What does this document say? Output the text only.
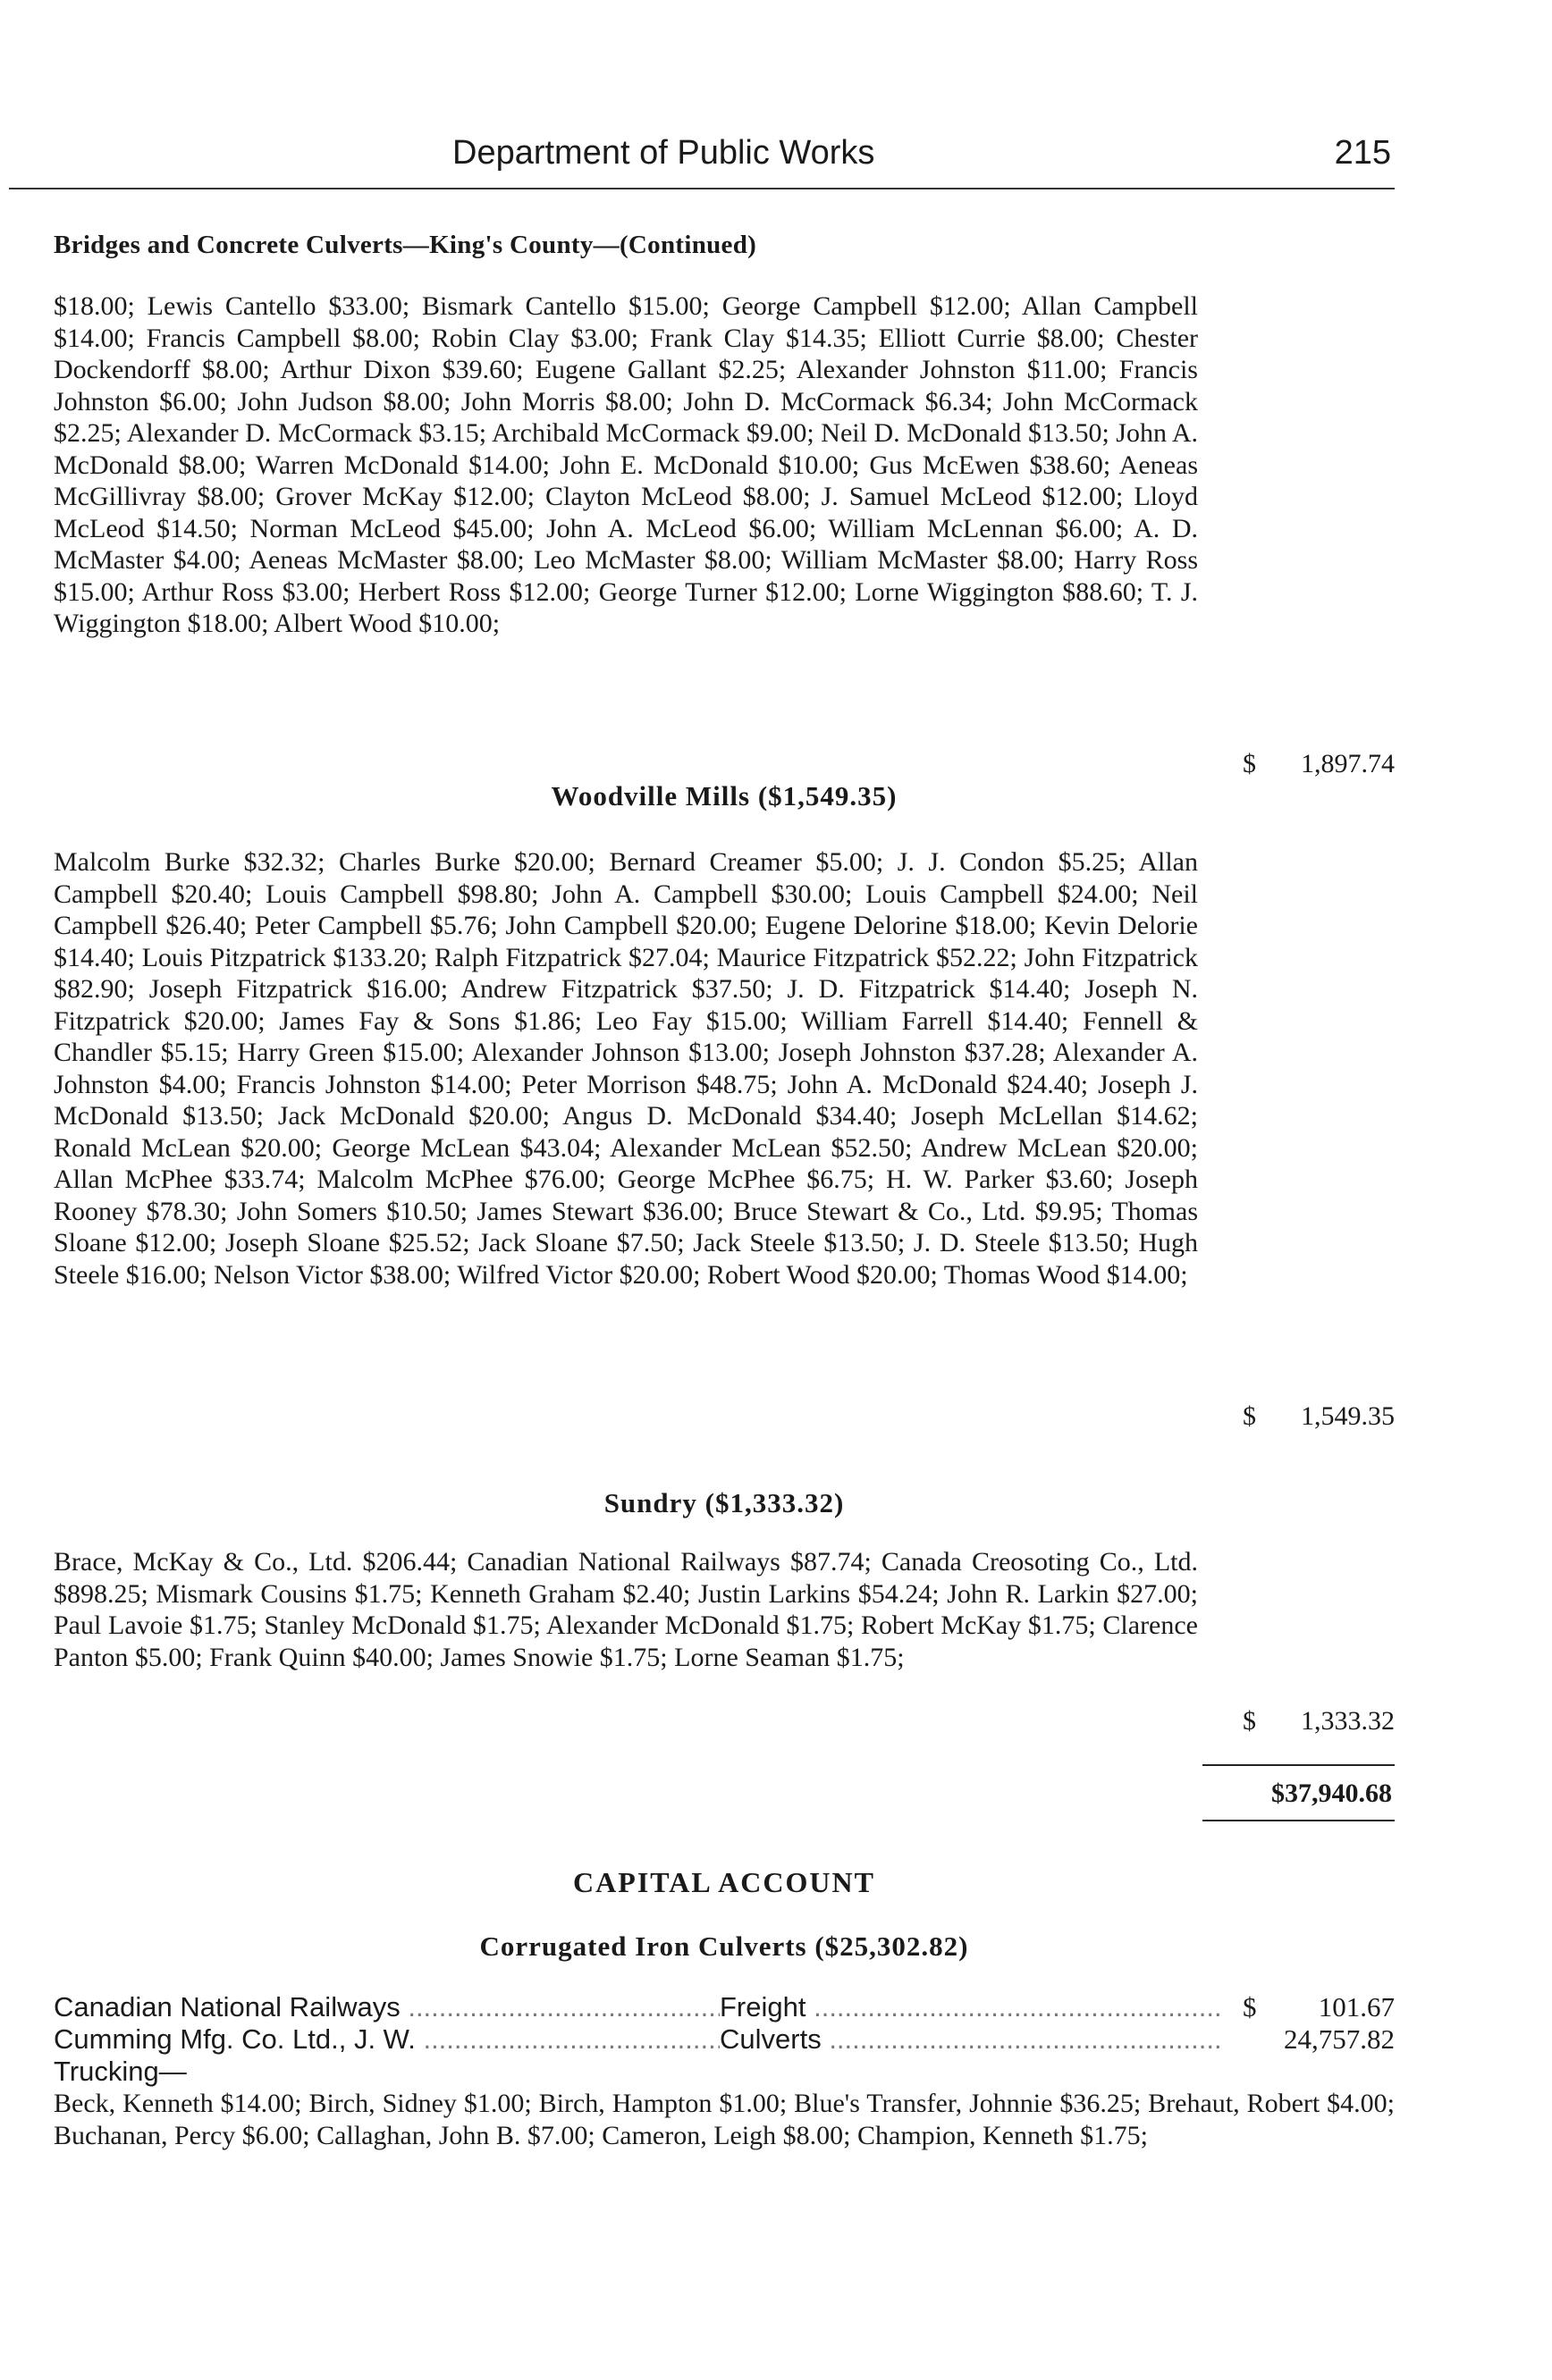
Department of Public Works	215
Bridges and Concrete Culverts—King's County—(Continued)

$18.00; Lewis Cantello $33.00; Bismark Cantello $15.00; George Campbell $12.00; Allan Campbell $14.00; Francis Campbell $8.00; Robin Clay $3.00; Frank Clay $14.35; Elliott Currie $8.00; Chester Dockendorff $8.00; Arthur Dixon $39.60; Eugene Gallant $2.25; Alexander Johnston $11.00; Francis Johnston $6.00; John Judson $8.00; John Morris $8.00; John D. McCormack $6.34; John McCormack $2.25; Alexander D. McCormack $3.15; Archibald McCormack $9.00; Neil D. McDonald $13.50; John A. McDonald $8.00; Warren McDonald $14.00; John E. McDonald $10.00; Gus McEwen $38.60; Aeneas McGillivray $8.00; Grover McKay $12.00; Clayton McLeod $8.00; J. Samuel McLeod $12.00; Lloyd McLeod $14.50; Norman McLeod $45.00; John A. McLeod $6.00; William McLennan $6.00; A. D. McMaster $4.00; Aeneas McMaster $8.00; Leo McMaster $8.00; William McMaster $8.00; Harry Ross $15.00; Arthur Ross $3.00; Herbert Ross $12.00; George Turner $12.00; Lorne Wiggington $88.60; T. J. Wiggington $18.00; Albert Wood $10.00;

$ 1,897.74
Woodville Mills ($1,549.35)

Malcolm Burke $32.32; Charles Burke $20.00; Bernard Creamer $5.00; J. J. Condon $5.25; Allan Campbell $20.40; Louis Campbell $98.80; John A. Campbell $30.00; Louis Campbell $24.00; Neil Campbell $26.40; Peter Campbell $5.76; John Campbell $20.00; Eugene Delorine $18.00; Kevin Delorie $14.40; Louis Pitzpatrick $133.20; Ralph Fitzpatrick $27.04; Maurice Fitzpatrick $52.22; John Fitzpatrick $82.90; Joseph Fitzpatrick $16.00; Andrew Fitzpatrick $37.50; J. D. Fitzpatrick $14.40; Joseph N. Fitzpatrick $20.00; James Fay & Sons $1.86; Leo Fay $15.00; William Farrell $14.40; Fennell & Chandler $5.15; Harry Green $15.00; Alexander Johnson $13.00; Joseph Johnston $37.28; Alexander A. Johnston $4.00; Francis Johnston $14.00; Peter Morrison $48.75; John A. McDonald $24.40; Joseph J. McDonald $13.50; Jack McDonald $20.00; Angus D. McDonald $34.40; Joseph McLellan $14.62; Ronald McLean $20.00; George McLean $43.04; Alexander McLean $52.50; Andrew McLean $20.00; Allan McPhee $33.74; Malcolm McPhee $76.00; George McPhee $6.75; H. W. Parker $3.60; Joseph Rooney $78.30; John Somers $10.50; James Stewart $36.00; Bruce Stewart & Co., Ltd. $9.95; Thomas Sloane $12.00; Joseph Sloane $25.52; Jack Sloane $7.50; Jack Steele $13.50; J. D. Steele $13.50; Hugh Steele $16.00; Nelson Victor $38.00; Wilfred Victor $20.00; Robert Wood $20.00; Thomas Wood $14.00;

$ 1,549.35
Sundry ($1,333.32)

Brace, McKay & Co., Ltd. $206.44; Canadian National Railways $87.74; Canada Creosoting Co., Ltd. $898.25; Mismark Cousins $1.75; Kenneth Graham $2.40; Justin Larkins $54.24; John R. Larkin $27.00; Paul Lavoie $1.75; Stanley McDonald $1.75; Alexander McDonald $1.75; Robert McKay $1.75; Clarence Panton $5.00; Frank Quinn $40.00; James Snowie $1.75; Lorne Seaman $1.75;

$ 1,333.32
$37,940.68
CAPITAL ACCOUNT
Corrugated Iron Culverts ($25,302.82)
Canadian National Railways .....	Freight .....	$ 101.67
Cumming Mfg. Co. Ltd., J. W. .....	Culverts .....	24,757.82
Trucking—

Beck, Kenneth $14.00; Birch, Sidney $1.00; Birch, Hampton $1.00; Blue's Transfer, Johnnie $36.25; Brehaut, Robert $4.00; Buchanan, Percy $6.00; Callaghan, John B. $7.00; Cameron, Leigh $8.00; Champion, Kenneth $1.75;
